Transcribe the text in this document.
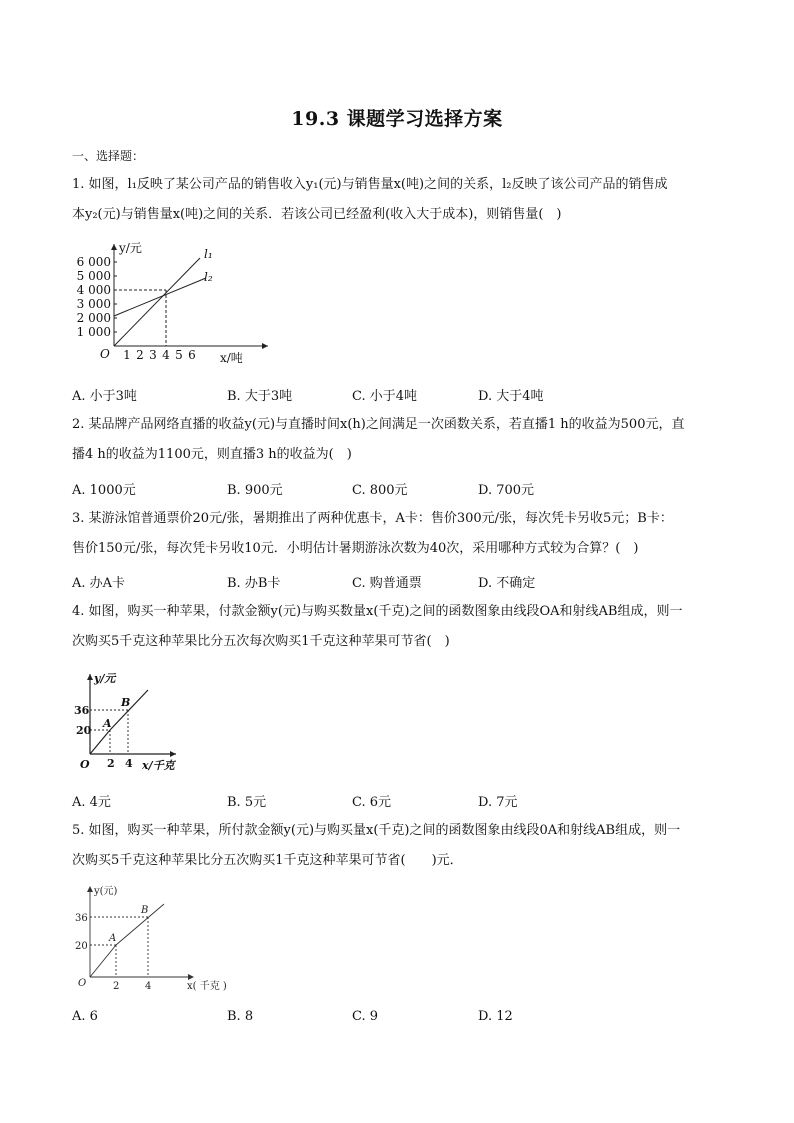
19.3 课题学习选择方案
一、选择题：
1. 如图，l₁反映了某公司产品的销售收入y₁(元)与销售量x(吨)之间的关系，l₂反映了该公司产品的销售成
本y₂(元)与销售量x(吨)之间的关系．若该公司已经盈利(收入大于成本)，则销售量(　)
y/元
x/吨
O
l₁
l₂
6 000
5 000
4 000
3 000
2 000
1 000
1 2 3 4 5 6
A. 小于3吨	B. 大于3吨	C. 小于4吨	D. 大于4吨
2. 某品牌产品网络直播的收益y(元)与直播时间x(h)之间满足一次函数关系，若直播1 h的收益为500元，直
播4 h的收益为1100元，则直播3 h的收益为(　)
A. 1000元	B. 900元	C. 800元	D. 700元
3. 某游泳馆普通票价20元/张，暑期推出了两种优惠卡，A卡：售价300元/张，每次凭卡另收5元；B卡：
售价150元/张，每次凭卡另收10元．小明估计暑期游泳次数为40次，采用哪种方式较为合算？(　)
A. 办A卡	B. 办B卡	C. 购普通票	D. 不确定
4. 如图，购买一种苹果，付款金额y(元)与购买数量x(千克)之间的函数图象由线段OA和射线AB组成，则一
次购买5千克这种苹果比分五次每次购买1千克这种苹果可节省(　)
y/元
x/千克
O
36
20
2 4
A
B
A. 4元	B. 5元	C. 6元	D. 7元
5. 如图，购买一种苹果，所付款金额y(元)与购买量x(千克)之间的函数图象由线段0A和射线AB组成，则一
次购买5千克这种苹果比分五次购买1千克这种苹果可节省(　　)元．
y(元)
x( 千克 )
O
36
20
2	4
A
B
A. 6	B. 8	C. 9	D. 12
